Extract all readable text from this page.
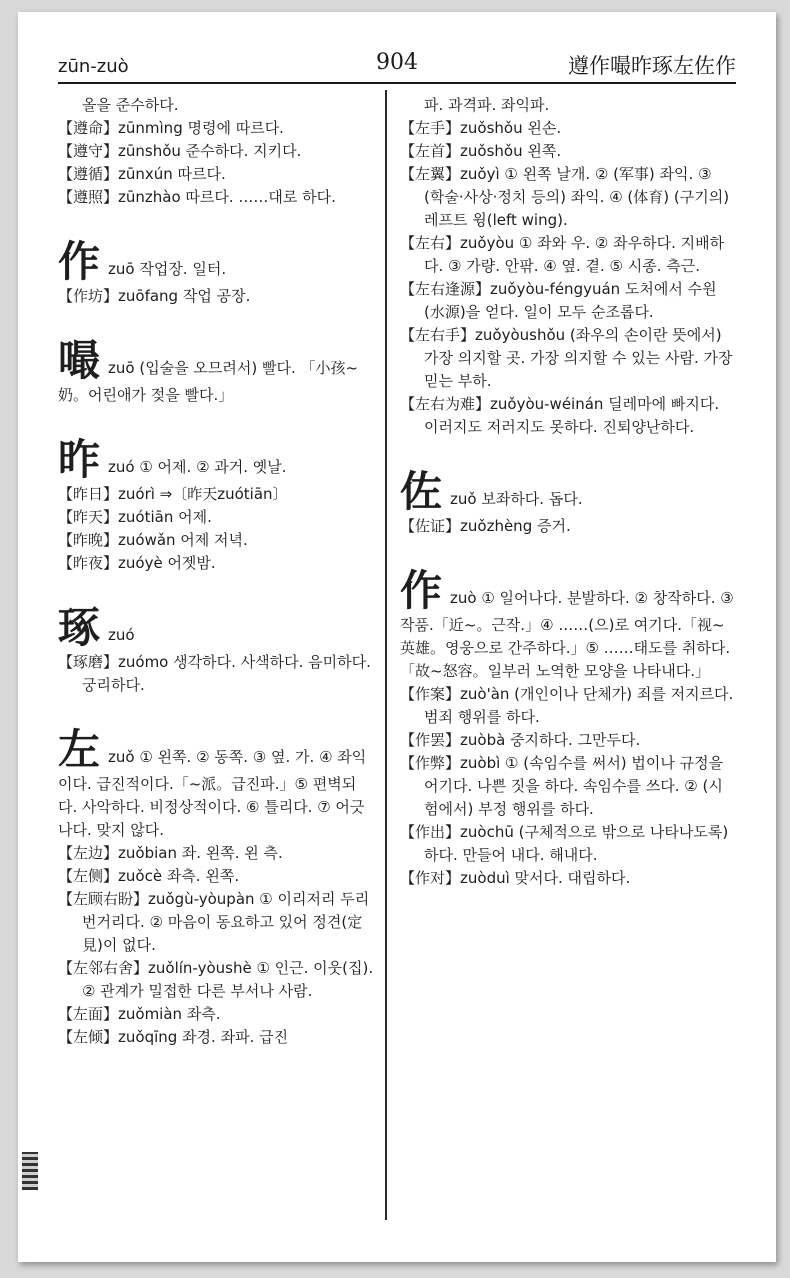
zūn-zuò	904	遵作嘬昨琢左佐作
올을 준수하다.
【遵命】zūnmìng 명령에 따르다.
【遵守】zūnshǒu 준수하다. 지키다.
【遵循】zūnxún 따르다.
【遵照】zūnzhào 따르다. ……대로 하다.
作zuō 작업장. 일터.
【作坊】zuōfang 작업 공장.
嘬zuō (입술을 오므려서) 빨다. 「小孩~奶。어린애가 젖을 빨다.」
昨zuó ① 어제. ② 과거. 옛날.
【昨日】zuórì ⇒〔昨天zuótiān〕
【昨天】zuótiān 어제.
【昨晚】zuówǎn 어제 저녁.
【昨夜】zuóyè 어젯밤.
琢zuó
【琢磨】zuómo 생각하다. 사색하다. 음미하다. 궁리하다.
左zuǒ ① 왼쪽. ② 동쪽. ③ 옆. 가. ④ 좌익이다. 급진적이다.「~派。급진파.」⑤ 편벽되다. 사악하다. 비정상적이다. ⑥ 틀리다. ⑦ 어긋나다. 맞지 않다.
【左边】zuǒbian 좌. 왼쪽. 왼 측.
【左侧】zuǒcè 좌측. 왼쪽.
【左顾右盼】zuǒgù-yòupàn ① 이리저리 두리번거리다. ② 마음이 동요하고 있어 정견(定見)이 없다.
【左邻右舍】zuǒlín-yòushè ① 인근. 이웃(집). ② 관계가 밀접한 다른 부서나 사람.
【左面】zuǒmiàn 좌측.
【左倾】zuǒqīng 좌경. 좌파. 급진
파. 과격파. 좌익파.
【左手】zuǒshǒu 왼손.
【左首】zuǒshǒu 왼쪽.
【左翼】zuǒyì ① 왼쪽 날개. ② (军事) 좌익. ③ (학술·사상·정치 등의) 좌익. ④ (体育) (구기의) 레프트 윙(left wing).
【左右】zuǒyòu ① 좌와 우. ② 좌우하다. 지배하다. ③ 가량. 안팎. ④ 옆. 곁. ⑤ 시종. 측근.
【左右逢源】zuǒyòu-féngyuán 도처에서 수원(水源)을 얻다. 일이 모두 순조롭다.
【左右手】zuǒyòushǒu (좌우의 손이란 뜻에서) 가장 의지할 곳. 가장 의지할 수 있는 사람. 가장 믿는 부하.
【左右为难】zuǒyòu-wéinán 딜레마에 빠지다. 이러지도 저러지도 못하다. 진퇴양난하다.
佐zuǒ 보좌하다. 돕다.
【佐证】zuǒzhèng 증거.
作zuò ① 일어나다. 분발하다. ② 창작하다. ③ 작품.「近~。근작.」④ ……(으)로 여기다.「视~英雄。영웅으로 간주하다.」⑤ ……태도를 취하다.「故~怒容。일부러 노역한 모양을 나타내다.」
【作案】zuò'àn (개인이나 단체가) 죄를 저지르다. 범죄 행위를 하다.
【作罢】zuòbà 중지하다. 그만두다.
【作弊】zuòbì ① (속임수를 써서) 법이나 규정을 어기다. 나쁜 짓을 하다. 속임수를 쓰다. ② (시험에서) 부정 행위를 하다.
【作出】zuòchū (구체적으로 밖으로 나타나도록) 하다. 만들어 내다. 해내다.
【作对】zuòduì 맞서다. 대립하다.
